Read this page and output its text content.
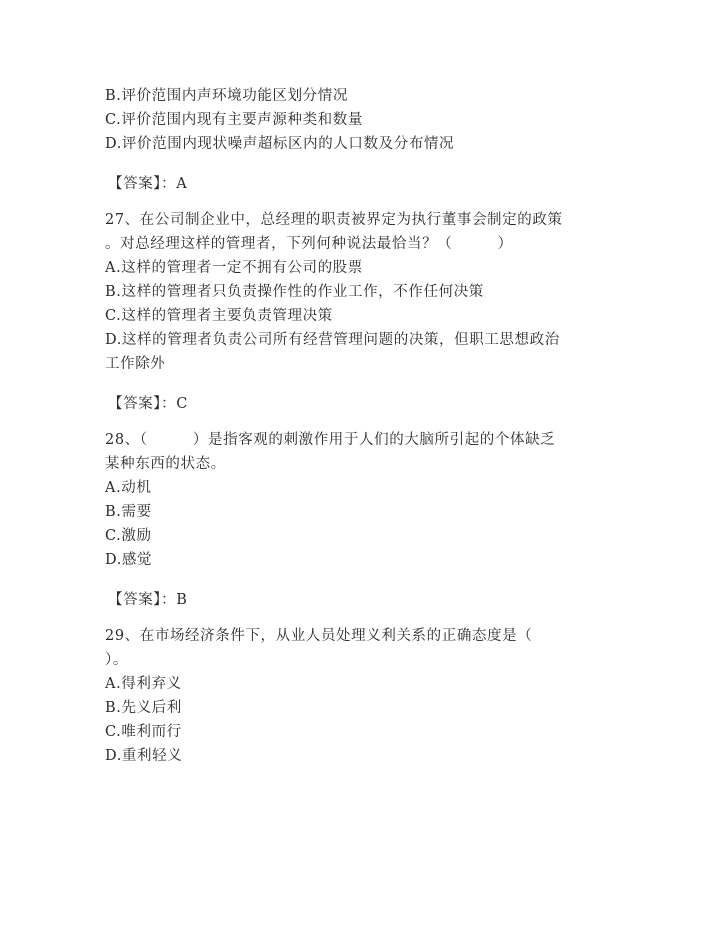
B.评价范围内声环境功能区划分情况
C.评价范围内现有主要声源种类和数量
D.评价范围内现状噪声超标区内的人口数及分布情况
【答案】：A
27、在公司制企业中，总经理的职责被界定为执行董事会制定的政策
。对总经理这样的管理者，下列何种说法最恰当？（　　　）
A.这样的管理者一定不拥有公司的股票
B.这样的管理者只负责操作性的作业工作，不作任何决策
C.这样的管理者主要负责管理决策
D.这样的管理者负责公司所有经营管理问题的决策，但职工思想政治
工作除外
【答案】：C
28、（　　　）是指客观的刺激作用于人们的大脑所引起的个体缺乏
某种东西的状态。
A.动机
B.需要
C.激励
D.感觉
【答案】：B
29、在市场经济条件下，从业人员处理义利关系的正确态度是（
）。
A.得利弃义
B.先义后利
C.唯利而行
D.重利轻义
